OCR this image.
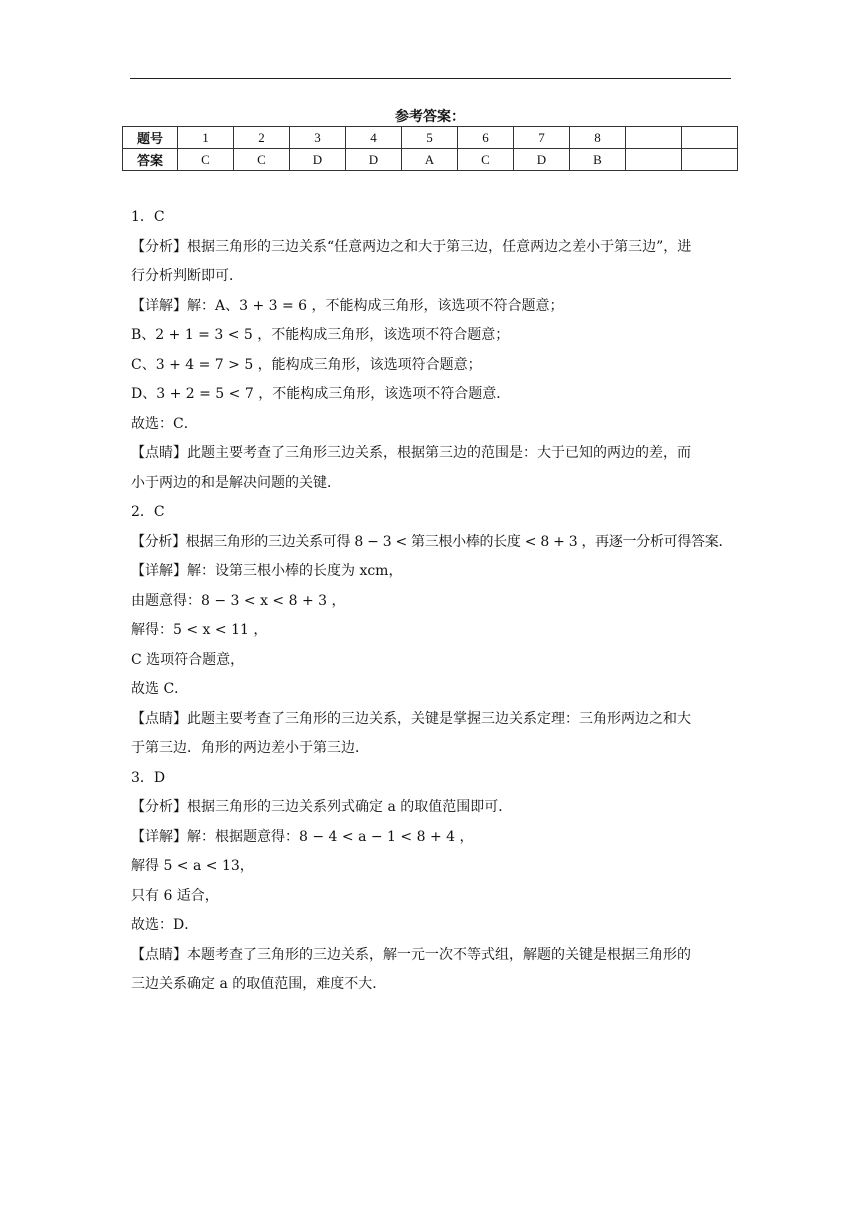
参考答案：
题号	1	2	3	4	5	6	7	8		
答案	C	C	D	D	A	C	D	B		

1．C

【分析】根据三角形的三边关系“任意两边之和大于第三边，任意两边之差小于第三边”，进

行分析判断即可．

【详解】解：A、3 + 3 = 6 ，不能构成三角形，该选项不符合题意；

B、2 + 1 = 3 < 5 ，不能构成三角形，该选项不符合题意；

C、3 + 4 = 7 > 5 ，能构成三角形，该选项符合题意；

D、3 + 2 = 5 < 7 ，不能构成三角形，该选项不符合题意．

故选：C．

【点睛】此题主要考查了三角形三边关系，根据第三边的范围是：大于已知的两边的差，而

小于两边的和是解决问题的关键．

2．C

【分析】根据三角形的三边关系可得 8 − 3 < 第三根小棒的长度 < 8 + 3 ，再逐一分析可得答案．

【详解】解：设第三根小棒的长度为 xcm，

由题意得：8 − 3 < x < 8 + 3 ，

解得：5 < x < 11 ，

C 选项符合题意，

故选 C．

【点睛】此题主要考查了三角形的三边关系，关键是掌握三边关系定理：三角形两边之和大

于第三边．角形的两边差小于第三边．

3．D

【分析】根据三角形的三边关系列式确定 a 的取值范围即可．

【详解】解：根据题意得：8 − 4 < a − 1 < 8 + 4 ，

解得 5 < a < 13，

只有 6 适合，

故选：D．

【点睛】本题考查了三角形的三边关系，解一元一次不等式组，解题的关键是根据三角形的

三边关系确定 a 的取值范围，难度不大．
